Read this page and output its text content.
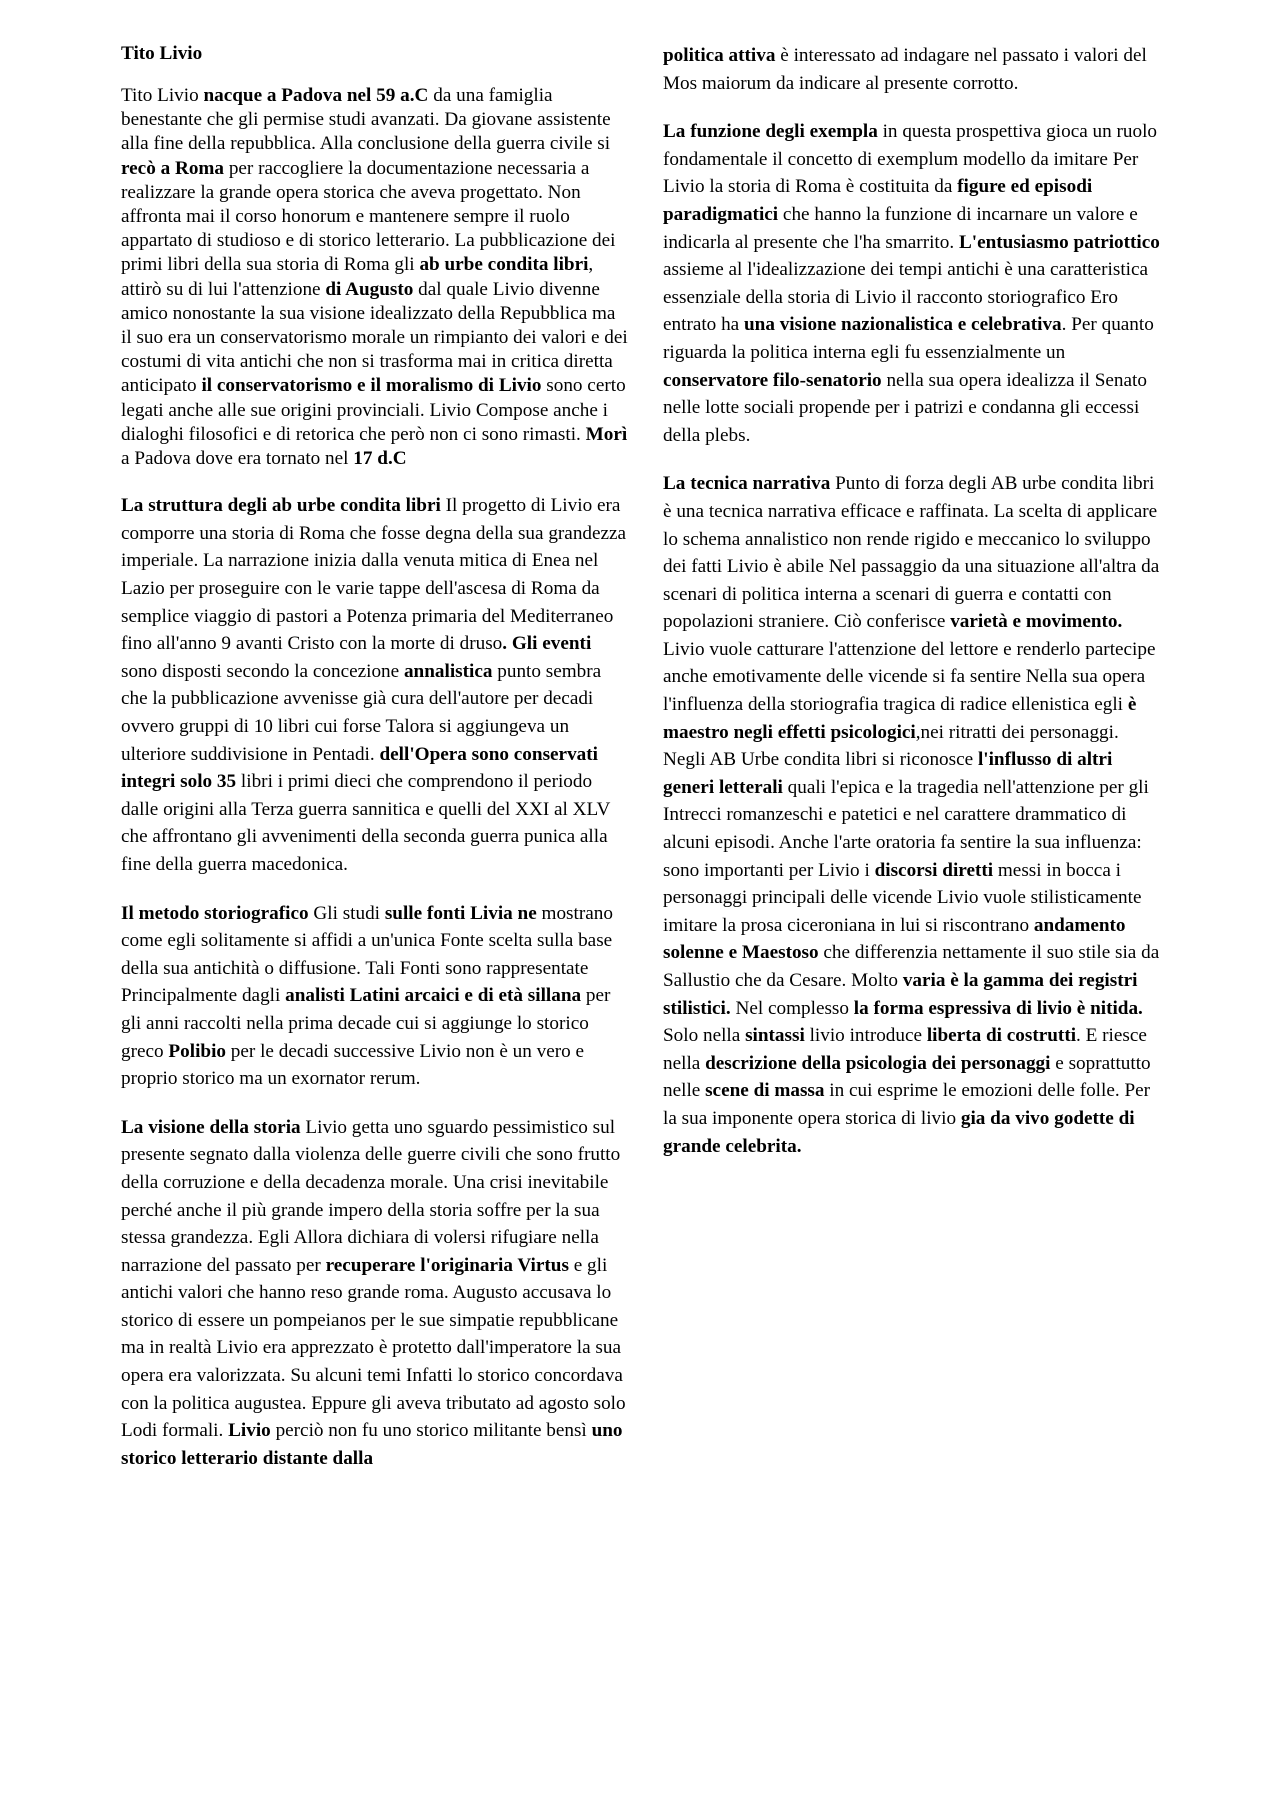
Tito Livio
Tito Livio nacque a Padova nel 59 a.C da una famiglia benestante che gli permise studi avanzati. Da giovane assistente alla fine della repubblica. Alla conclusione della guerra civile si recò a Roma per raccogliere la documentazione necessaria a realizzare la grande opera storica che aveva progettato. Non affronta mai il corso honorum e mantenere sempre il ruolo appartato di studioso e di storico letterario. La pubblicazione dei primi libri della sua storia di Roma gli ab urbe condita libri, attirò su di lui l'attenzione di Augusto dal quale Livio divenne amico nonostante la sua visione idealizzato della Repubblica ma il suo era un conservatorismo morale un rimpianto dei valori e dei costumi di vita antichi che non si trasforma mai in critica diretta anticipato il conservatorismo e il moralismo di Livio sono certo legati anche alle sue origini provinciali. Livio Compose anche i dialoghi filosofici e di retorica che però non ci sono rimasti. Morì a Padova dove era tornato nel 17 d.C
La struttura degli ab urbe condita libri Il progetto di Livio era comporre una storia di Roma che fosse degna della sua grandezza imperiale. La narrazione inizia dalla venuta mitica di Enea nel Lazio per proseguire con le varie tappe dell'ascesa di Roma da semplice viaggio di pastori a Potenza primaria del Mediterraneo fino all'anno 9 avanti Cristo con la morte di druso. Gli eventi sono disposti secondo la concezione annalistica punto sembra che la pubblicazione avvenisse già cura dell'autore per decadi ovvero gruppi di 10 libri cui forse Talora si aggiungeva un ulteriore suddivisione in Pentadi. dell'Opera sono conservati integri solo 35 libri i primi dieci che comprendono il periodo dalle origini alla Terza guerra sannitica e quelli del XXI al XLV che affrontano gli avvenimenti della seconda guerra punica alla fine della guerra macedonica.
Il metodo storiografico Gli studi sulle fonti Livia ne mostrano come egli solitamente si affidi a un'unica Fonte scelta sulla base della sua antichità o diffusione. Tali Fonti sono rappresentate Principalmente dagli analisti Latini arcaici e di età sillana per gli anni raccolti nella prima decade cui si aggiunge lo storico greco Polibio per le decadi successive Livio non è un vero e proprio storico ma un exornator rerum.
La visione della storia Livio getta uno sguardo pessimistico sul presente segnato dalla violenza delle guerre civili che sono frutto della corruzione e della decadenza morale. Una crisi inevitabile perché anche il più grande impero della storia soffre per la sua stessa grandezza. Egli Allora dichiara di volersi rifugiare nella narrazione del passato per recuperare l'originaria Virtus e gli antichi valori che hanno reso grande roma. Augusto accusava lo storico di essere un pompeianos per le sue simpatie repubblicane ma in realtà Livio era apprezzato è protetto dall'imperatore la sua opera era valorizzata. Su alcuni temi Infatti lo storico concordava con la politica augustea. Eppure gli aveva tributato ad agosto solo Lodi formali. Livio perciò non fu uno storico militante bensì uno storico letterario distante dalla
politica attiva è interessato ad indagare nel passato i valori del Mos maiorum da indicare al presente corrotto.
La funzione degli exempla in questa prospettiva gioca un ruolo fondamentale il concetto di exemplum modello da imitare Per Livio la storia di Roma è costituita da figure ed episodi paradigmatici che hanno la funzione di incarnare un valore e indicarla al presente che l'ha smarrito. L'entusiasmo patriottico assieme al l'idealizzazione dei tempi antichi è una caratteristica essenziale della storia di Livio il racconto storiografico Ero entrato ha una visione nazionalistica e celebrativa. Per quanto riguarda la politica interna egli fu essenzialmente un conservatore filo-senatorio nella sua opera idealizza il Senato nelle lotte sociali propende per i patrizi e condanna gli eccessi della plebs.
La tecnica narrativa Punto di forza degli AB urbe condita libri è una tecnica narrativa efficace e raffinata. La scelta di applicare lo schema annalistico non rende rigido e meccanico lo sviluppo dei fatti Livio è abile Nel passaggio da una situazione all'altra da scenari di politica interna a scenari di guerra e contatti con popolazioni straniere. Ciò conferisce varietà e movimento. Livio vuole catturare l'attenzione del lettore e renderlo partecipe anche emotivamente delle vicende si fa sentire Nella sua opera l'influenza della storiografia tragica di radice ellenistica egli è maestro negli effetti psicologici,nei ritratti dei personaggi. Negli AB Urbe condita libri si riconosce l'influsso di altri generi letterali quali l'epica e la tragedia nell'attenzione per gli Intrecci romanzeschi e patetici e nel carattere drammatico di alcuni episodi. Anche l'arte oratoria fa sentire la sua influenza: sono importanti per Livio i discorsi diretti messi in bocca i personaggi principali delle vicende Livio vuole stilisticamente imitare la prosa ciceroniana in lui si riscontrano andamento solenne e Maestoso che differenzia nettamente il suo stile sia da Sallustio che da Cesare. Molto varia è la gamma dei registri stilistici. Nel complesso la forma espressiva di livio è nitida. Solo nella sintassi livio introduce liberta di costrutti. E riesce nella descrizione della psicologia dei personaggi e soprattutto nelle scene di massa in cui esprime le emozioni delle folle. Per la sua imponente opera storica di livio gia da vivo godette di grande celebrita.
